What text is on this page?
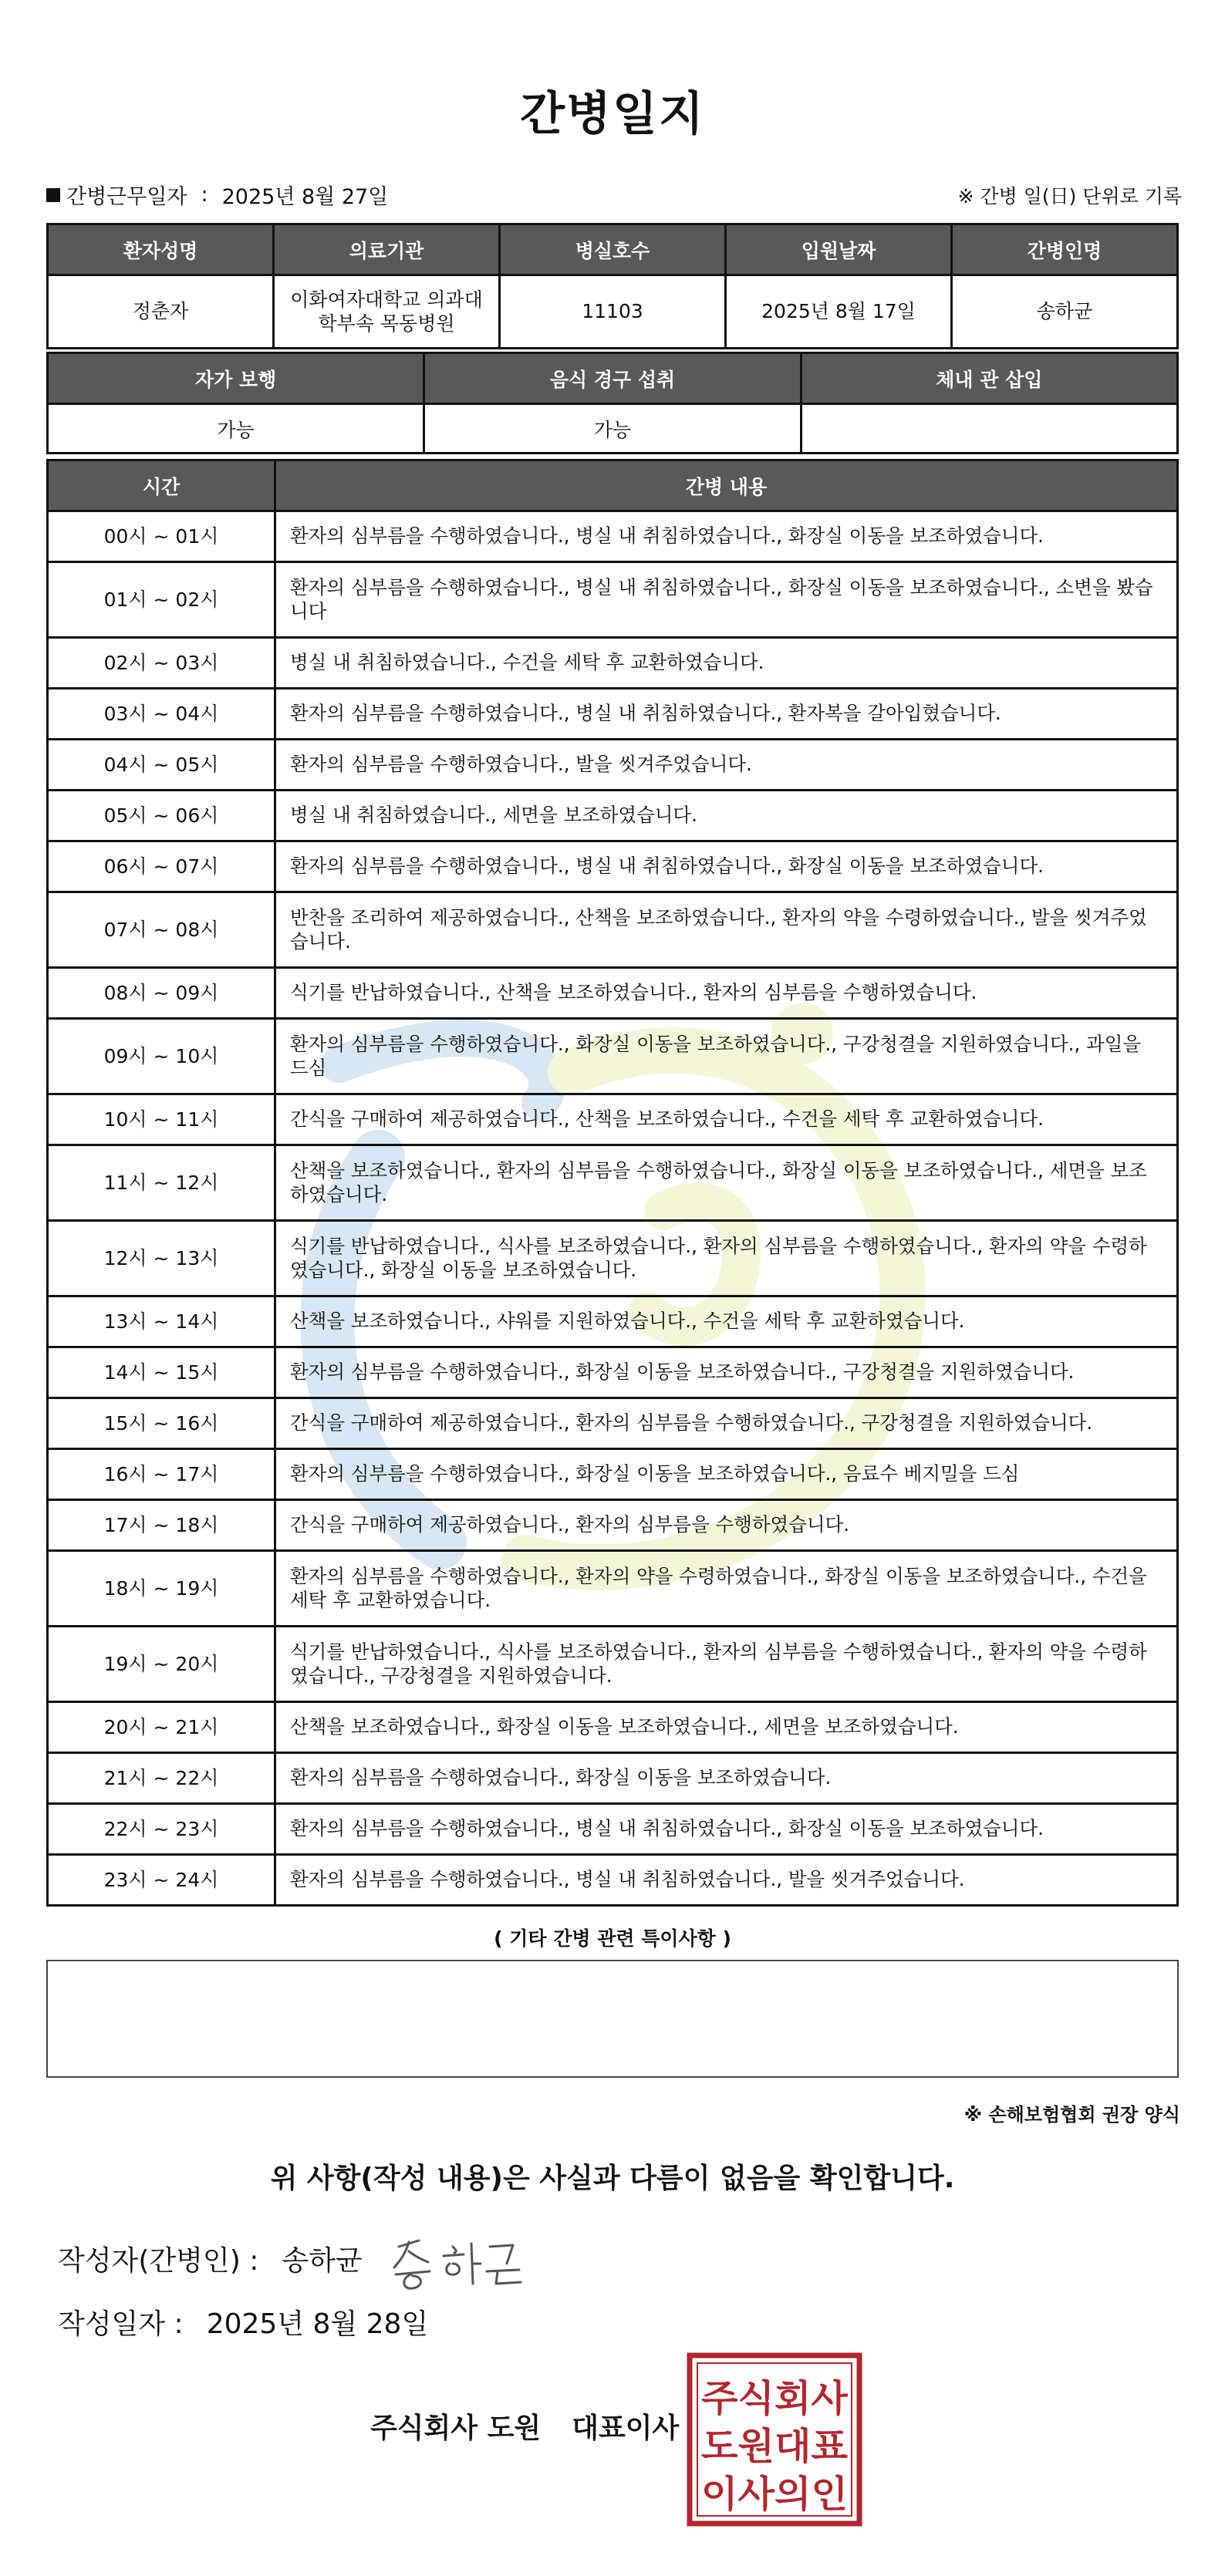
간병일지
간병근무일자 : 2025년 8월 27일	※ 간병 일(日) 단위로 기록
환자성명	의료기관	병실호수	입원날짜	간병인명
정춘자	이화여자대학교 의과대 학부속 목동병원	11103	2025년 8월 17일	송하균
자가 보행	음식 경구 섭취	체내 관 삽입
가능	가능	
시간	간병 내용
00시 ~ 01시	환자의 심부름을 수행하였습니다., 병실 내 취침하였습니다., 화장실 이동을 보조하였습니다.
01시 ~ 02시	환자의 심부름을 수행하였습니다., 병실 내 취침하였습니다., 화장실 이동을 보조하였습니다., 소변을 봤습니다
02시 ~ 03시	병실 내 취침하였습니다., 수건을 세탁 후 교환하였습니다.
03시 ~ 04시	환자의 심부름을 수행하였습니다., 병실 내 취침하였습니다., 환자복을 갈아입혔습니다.
04시 ~ 05시	환자의 심부름을 수행하였습니다., 발을 씻겨주었습니다.
05시 ~ 06시	병실 내 취침하였습니다., 세면을 보조하였습니다.
06시 ~ 07시	환자의 심부름을 수행하였습니다., 병실 내 취침하였습니다., 화장실 이동을 보조하였습니다.
07시 ~ 08시	반찬을 조리하여 제공하였습니다., 산책을 보조하였습니다., 환자의 약을 수령하였습니다., 발을 씻겨주었습니다.
08시 ~ 09시	식기를 반납하였습니다., 산책을 보조하였습니다., 환자의 심부름을 수행하였습니다.
09시 ~ 10시	환자의 심부름을 수행하였습니다., 화장실 이동을 보조하였습니다., 구강청결을 지원하였습니다., 과일을 드심
10시 ~ 11시	간식을 구매하여 제공하였습니다., 산책을 보조하였습니다., 수건을 세탁 후 교환하였습니다.
11시 ~ 12시	산책을 보조하였습니다., 환자의 심부름을 수행하였습니다., 화장실 이동을 보조하였습니다., 세면을 보조하였습니다.
12시 ~ 13시	식기를 반납하였습니다., 식사를 보조하였습니다., 환자의 심부름을 수행하였습니다., 환자의 약을 수령하였습니다., 화장실 이동을 보조하였습니다.
13시 ~ 14시	산책을 보조하였습니다., 샤워를 지원하였습니다., 수건을 세탁 후 교환하였습니다.
14시 ~ 15시	환자의 심부름을 수행하였습니다., 화장실 이동을 보조하였습니다., 구강청결을 지원하였습니다.
15시 ~ 16시	간식을 구매하여 제공하였습니다., 환자의 심부름을 수행하였습니다., 구강청결을 지원하였습니다.
16시 ~ 17시	환자의 심부름을 수행하였습니다., 화장실 이동을 보조하였습니다., 음료수 베지밀을 드심
17시 ~ 18시	간식을 구매하여 제공하였습니다., 환자의 심부름을 수행하였습니다.
18시 ~ 19시	환자의 심부름을 수행하였습니다., 환자의 약을 수령하였습니다., 화장실 이동을 보조하였습니다., 수건을 세탁 후 교환하였습니다.
19시 ~ 20시	식기를 반납하였습니다., 식사를 보조하였습니다., 환자의 심부름을 수행하였습니다., 환자의 약을 수령하였습니다., 구강청결을 지원하였습니다.
20시 ~ 21시	산책을 보조하였습니다., 화장실 이동을 보조하였습니다., 세면을 보조하였습니다.
21시 ~ 22시	환자의 심부름을 수행하였습니다., 화장실 이동을 보조하였습니다.
22시 ~ 23시	환자의 심부름을 수행하였습니다., 병실 내 취침하였습니다., 화장실 이동을 보조하였습니다.
23시 ~ 24시	환자의 심부름을 수행하였습니다., 병실 내 취침하였습니다., 발을 씻겨주었습니다.
( 기타 간병 관련 특이사항 )
※ 손해보험협회 권장 양식
위 사항(작성 내용)은 사실과 다름이 없음을 확인합니다.
작성자(간병인) : 송하균
작성일자 : 2025년 8월 28일
주식회사 도원 대표이사
주식회사
도원대표
이사의인
